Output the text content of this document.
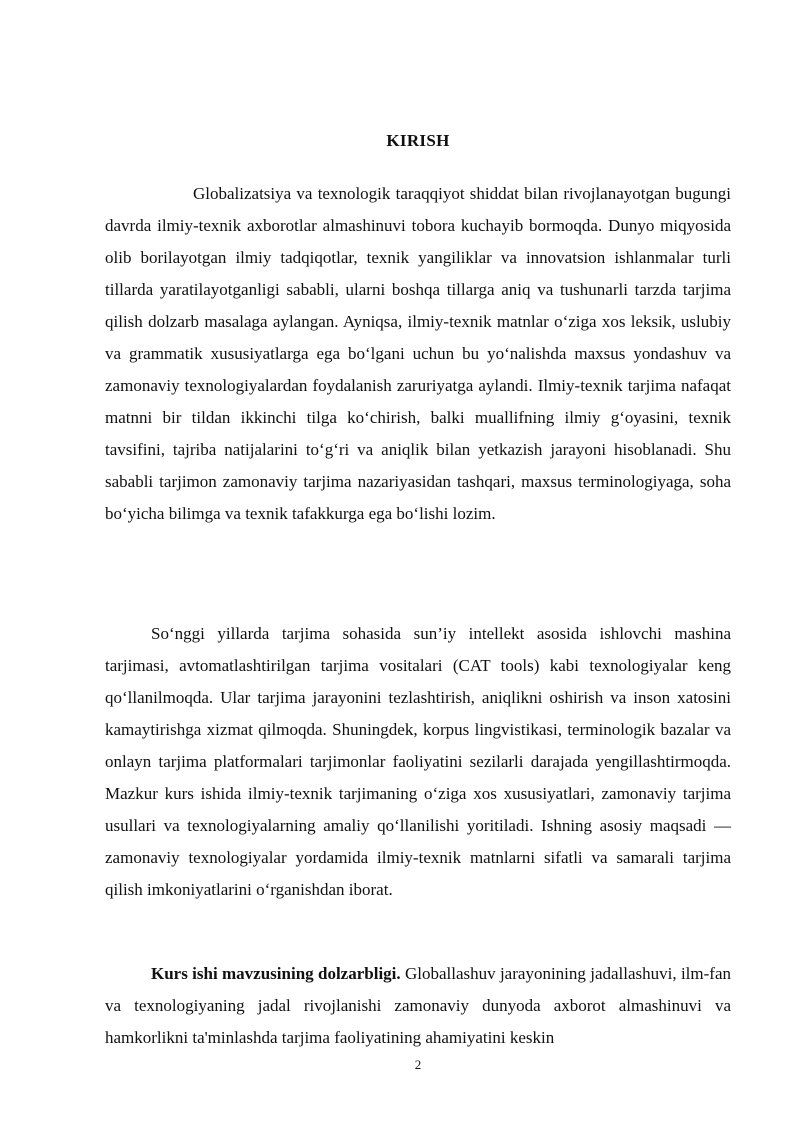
KIRISH

Globalizatsiya va texnologik taraqqiyot shiddat bilan rivojlanayotgan bugungi davrda ilmiy-texnik axborotlar almashinuvi tobora kuchayib bormoqda. Dunyo miqyosida olib borilayotgan ilmiy tadqiqotlar, texnik yangiliklar va innovatsion ishlanmalar turli tillarda yaratilayotganligi sababli, ularni boshqa tillarga aniq va tushunarli tarzda tarjima qilish dolzarb masalaga aylangan. Ayniqsa, ilmiy-texnik matnlar o‘ziga xos leksik, uslubiy va grammatik xususiyatlarga ega bo‘lgani uchun bu yo‘nalishda maxsus yondashuv va zamonaviy texnologiyalardan foydalanish zaruriyatga aylandi. Ilmiy-texnik tarjima nafaqat matnni bir tildan ikkinchi tilga ko‘chirish, balki muallifning ilmiy g‘oyasini, texnik tavsifini, tajriba natijalarini to‘g‘ri va aniqlik bilan yetkazish jarayoni hisoblanadi. Shu sababli tarjimon zamonaviy tarjima nazariyasidan tashqari, maxsus terminologiyaga, soha bo‘yicha bilimga va texnik tafakkurga ega bo‘lishi lozim.

So‘nggi yillarda tarjima sohasida sun’iy intellekt asosida ishlovchi mashina tarjimasi, avtomatlashtirilgan tarjima vositalari (CAT tools) kabi texnologiyalar keng qo‘llanilmoqda. Ular tarjima jarayonini tezlashtirish, aniqlikni oshirish va inson xatosini kamaytirishga xizmat qilmoqda. Shuningdek, korpus lingvistikasi, terminologik bazalar va onlayn tarjima platformalari tarjimonlar faoliyatini sezilarli darajada yengillashtirmoqda. Mazkur kurs ishida ilmiy-texnik tarjimaning o‘ziga xos xususiyatlari, zamonaviy tarjima usullari va texnologiyalarning amaliy qo‘llanilishi yoritiladi. Ishning asosiy maqsadi — zamonaviy texnologiyalar yordamida ilmiy-texnik matnlarni sifatli va samarali tarjima qilish imkoniyatlarini o‘rganishdan iborat.

Kurs ishi mavzusining dolzarbligi. Globallashuv jarayonining jadallashuvi, ilm-fan va texnologiyaning jadal rivojlanishi zamonaviy dunyoda axborot almashinuvi va hamkorlikni ta'minlashda tarjima faoliyatining ahamiyatini keskin

2
